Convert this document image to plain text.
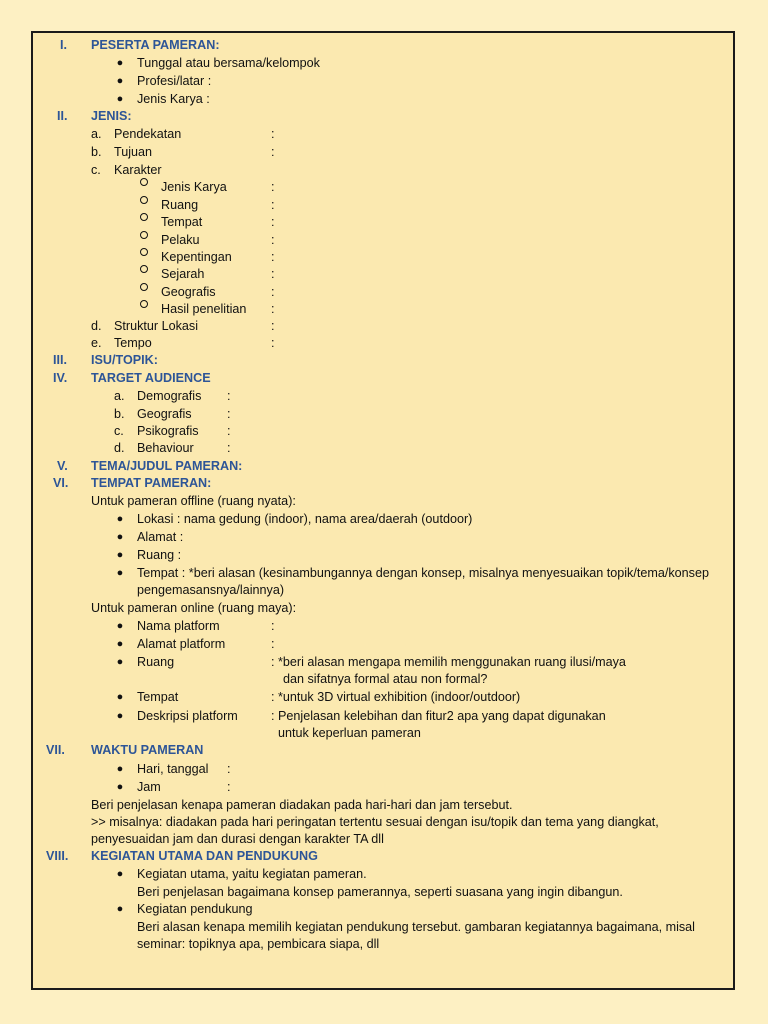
I. PESERTA PAMERAN:
●	Tunggal atau bersama/kelompok
●	Profesi/latar :
●	Jenis Karya :
II. JENIS:
a. Pendekatan	:
b. Tujuan	:
c. Karakter
Jenis Karya	:
Ruang	:
Tempat	:
Pelaku	:
Kepentingan	:
Sejarah	:
Geografis	:
Hasil penelitian :
d. Struktur Lokasi	:
e. Tempo	:
III. ISU/TOPIK:
IV. TARGET AUDIENCE
a. Demografis :
b. Geografis	:
c. Psikografis :
d. Behaviour	:
V. TEMA/JUDUL PAMERAN:
VI. TEMPAT PAMERAN:
Untuk pameran offline (ruang nyata):
●	Lokasi : nama gedung (indoor), nama area/daerah (outdoor)
●	Alamat :
●	Ruang :
●	Tempat : *beri alasan (kesinambungannya dengan konsep, misalnya menyesuaikan topik/tema/konsep
pengemasansnya/lainnya)
Untuk pameran online (ruang maya):
●	Nama platform	:
●	Alamat platform	:
●	Ruang	: *beri alasan mengapa memilih menggunakan ruang ilusi/maya
dan sifatnya formal atau non formal?
●	Tempat	: *untuk 3D virtual exhibition (indoor/outdoor)
●	Deskripsi platform	: Penjelasan kelebihan dan fitur2 apa yang dapat digunakan
untuk keperluan pameran
VII. WAKTU PAMERAN
●	Hari, tanggal :
●	Jam	:
Beri penjelasan kenapa pameran diadakan pada hari-hari dan jam tersebut.
>> misalnya: diadakan pada hari peringatan tertentu sesuai dengan isu/topik dan tema yang diangkat,
penyesuaidan jam dan durasi dengan karakter TA dll
VIII. KEGIATAN UTAMA DAN PENDUKUNG
●	Kegiatan utama, yaitu kegiatan pameran.
Beri penjelasan bagaimana konsep pamerannya, seperti suasana yang ingin dibangun.
●	Kegiatan pendukung
Beri alasan kenapa memilih kegiatan pendukung tersebut. gambaran kegiatannya bagaimana, misal
seminar: topiknya apa, pembicara siapa, dll
